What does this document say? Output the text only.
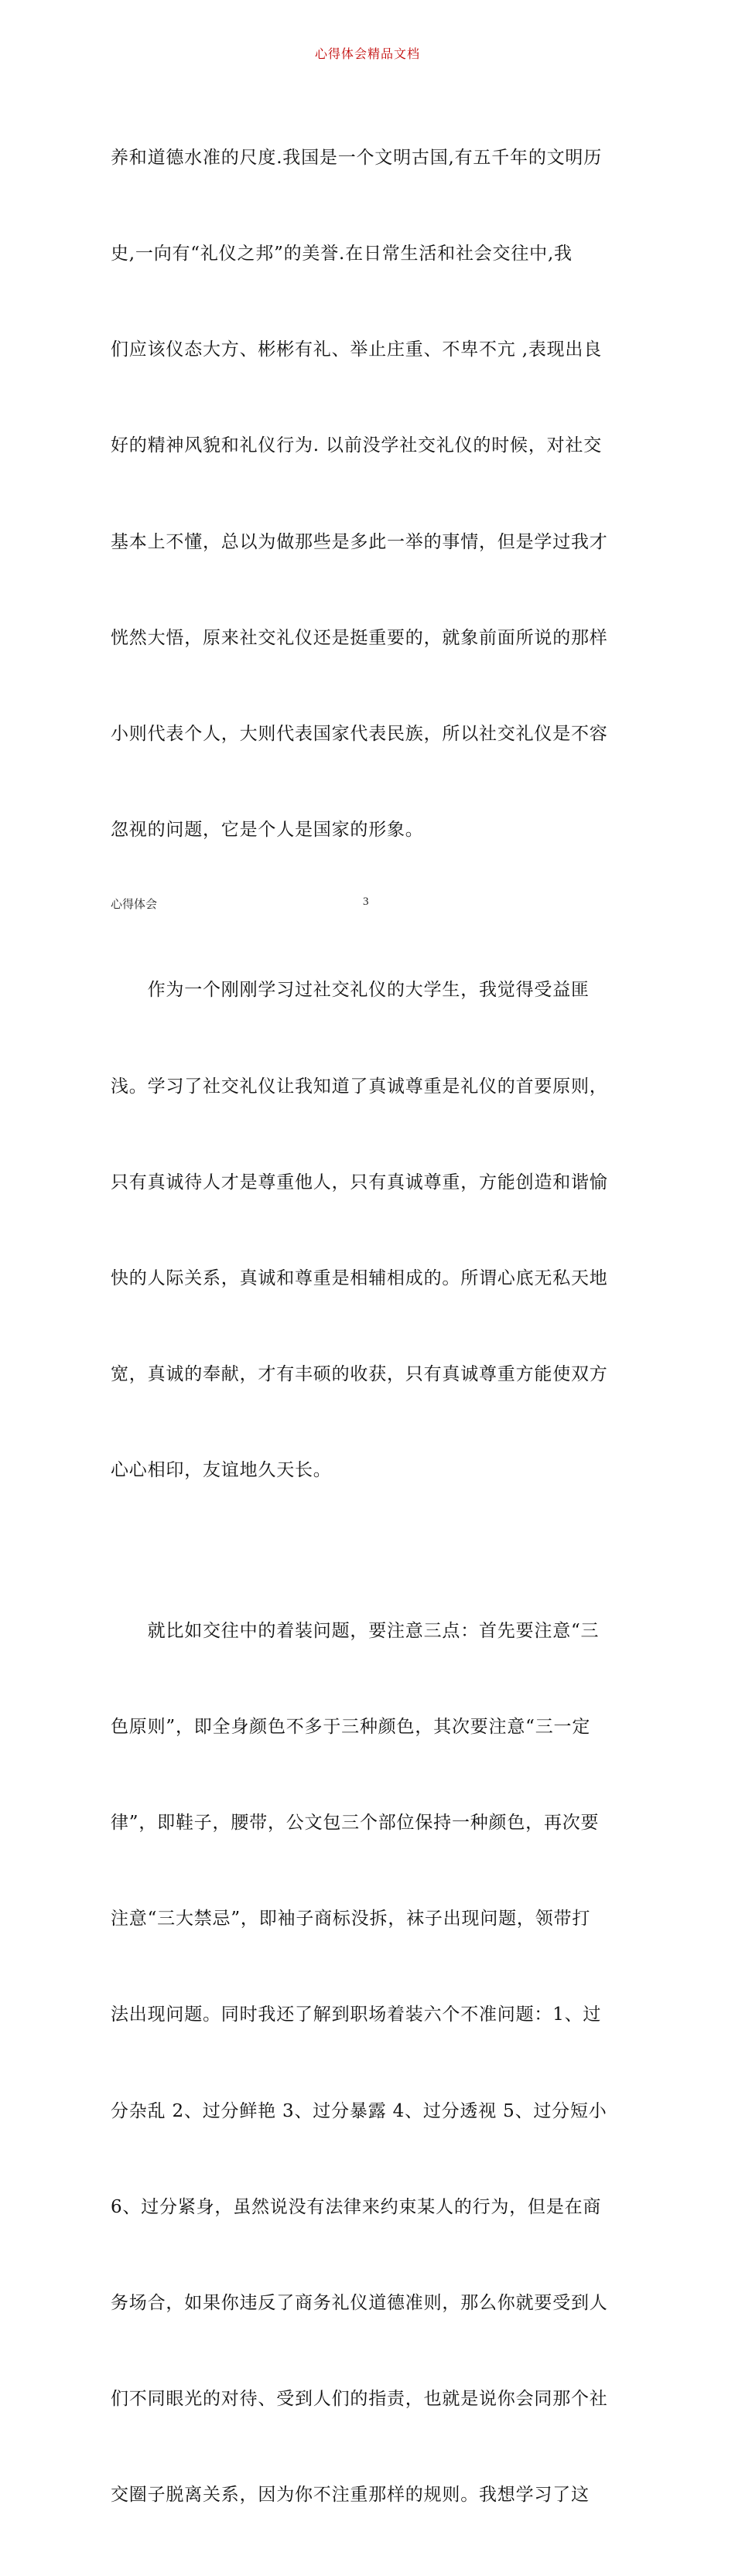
心得体会精品文档

养和道德水准的尺度.我国是一个文明古国,有五千年的文明历

史,一向有“礼仪之邦”的美誉.在日常生活和社会交往中,我

们应该仪态大方、彬彬有礼、举止庄重、不卑不亢 ,表现出良

好的精神风貌和礼仪行为. 以前没学社交礼仪的时候，对社交

基本上不懂，总以为做那些是多此一举的事情，但是学过我才

恍然大悟，原来社交礼仪还是挺重要的，就象前面所说的那样

小则代表个人，大则代表国家代表民族，所以社交礼仪是不容

忽视的问题，它是个人是国家的形象。

　　作为一个刚刚学习过社交礼仪的大学生，我觉得受益匪

浅。学习了社交礼仪让我知道了真诚尊重是礼仪的首要原则，

只有真诚待人才是尊重他人，只有真诚尊重，方能创造和谐愉

快的人际关系，真诚和尊重是相辅相成的。所谓心底无私天地

宽，真诚的奉献，才有丰硕的收获，只有真诚尊重方能使双方

心心相印，友谊地久天长。

　　就比如交往中的着装问题，要注意三点：首先要注意“三

色原则”，即全身颜色不多于三种颜色，其次要注意“三一定

律”，即鞋子，腰带，公文包三个部位保持一种颜色，再次要

注意“三大禁忌”，即袖子商标没拆，袜子出现问题，领带打

法出现问题。同时我还了解到职场着装六个不准问题：1、过

分杂乱 2、过分鲜艳 3、过分暴露 4、过分透视 5、过分短小

6、过分紧身，虽然说没有法律来约束某人的行为，但是在商

务场合，如果你违反了商务礼仪道德准则，那么你就要受到人

们不同眼光的对待、受到人们的指责，也就是说你会同那个社

交圈子脱离关系，因为你不注重那样的规则。我想学习了这

心得体会	3
